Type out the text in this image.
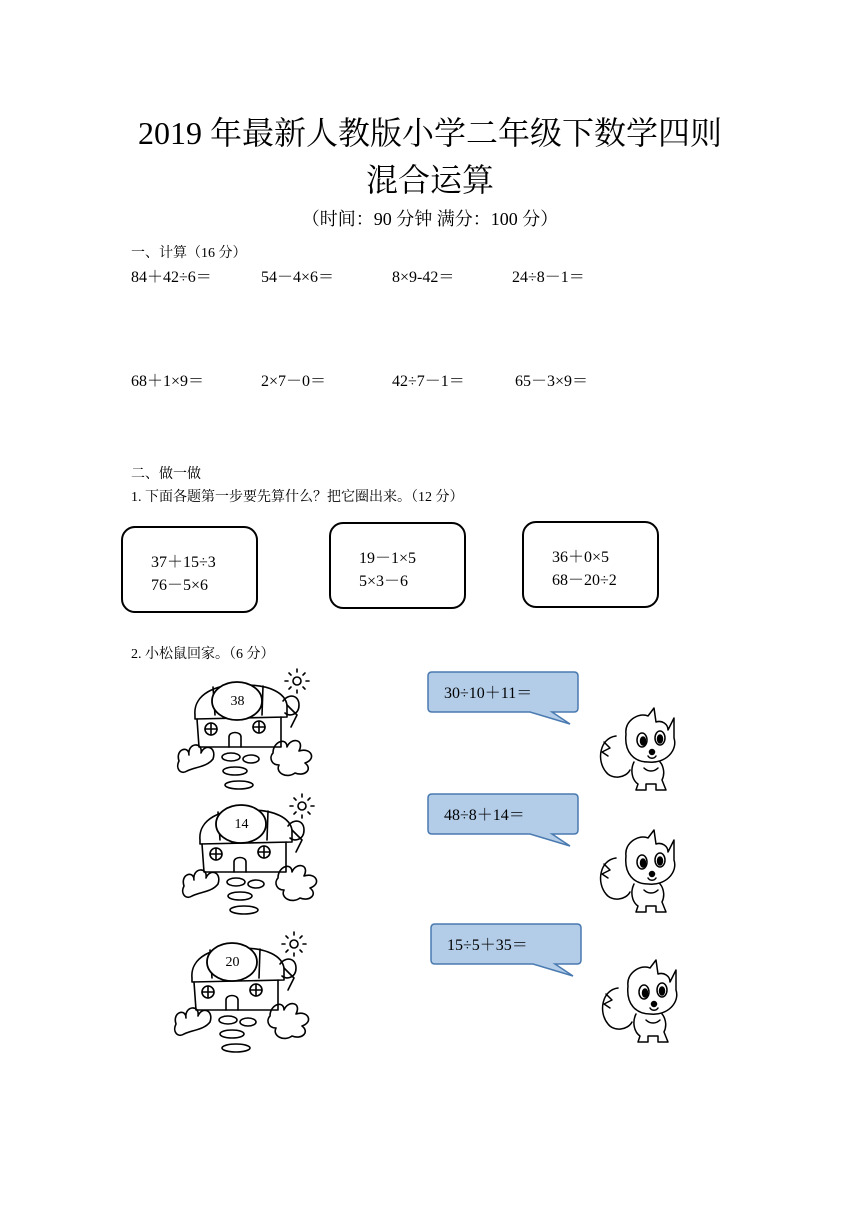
2019 年最新人教版小学二年级下数学四则
混合运算
（时间：90 分钟 满分：100 分）
一、计算（16 分）
84＋42÷6＝	54－4×6＝	8×9-42＝	24÷8－1＝
68＋1×9＝	2×7－0＝	42÷7－1＝	65－3×9＝
二、做一做
1. 下面各题第一步要先算什么？把它圈出来。（12 分）
37＋15÷3
76－5×6
19－1×5
5×3－6
36＋0×5
68－20÷2
2. 小松鼠回家。（6 分）
38
14
20
30÷10＋11＝
48÷8＋14＝
15÷5＋35＝
